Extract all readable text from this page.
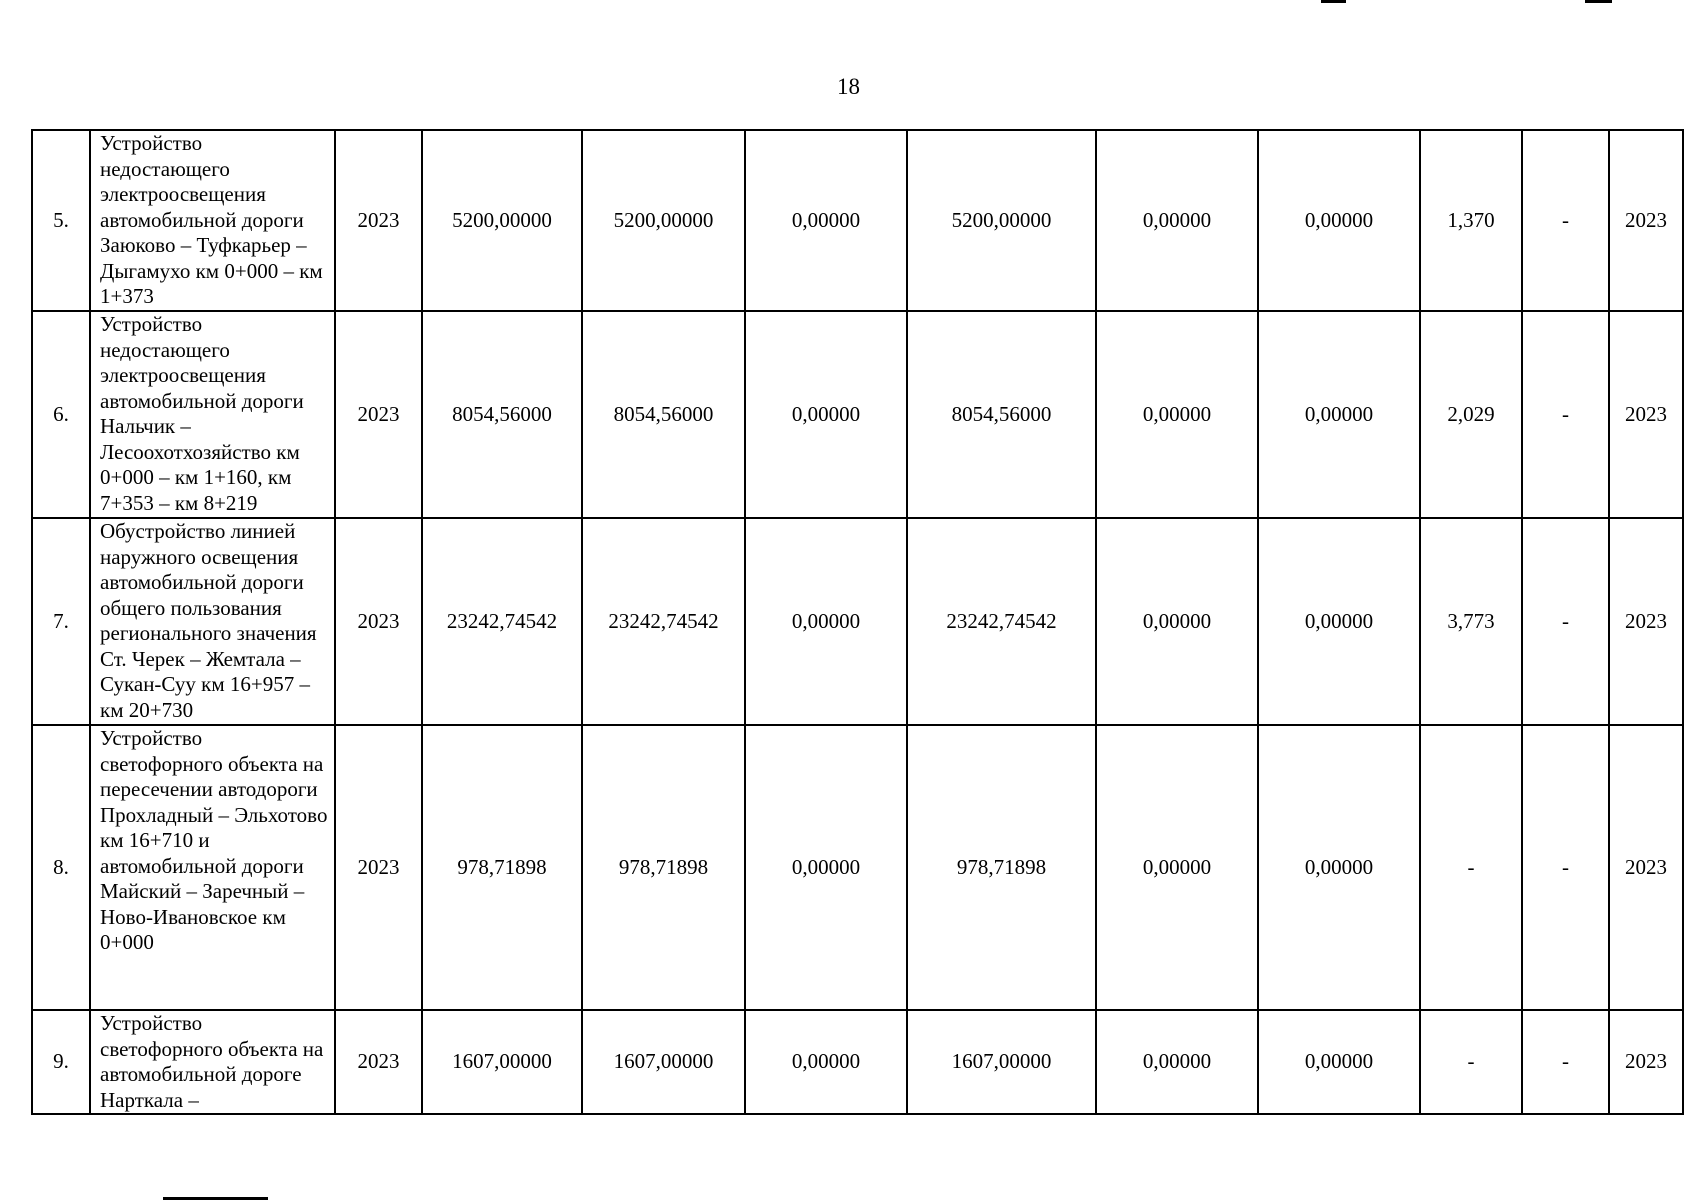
18
5.	Устройство недостающего электроосвещения автомобильной дороги Заюково – Туфкарьер – Дыгамухо км 0+000 – км 1+373	2023	5200,00000	5200,00000	0,00000	5200,00000	0,00000	0,00000	1,370	-	2023
6.	Устройство недостающего электроосвещения автомобильной дороги Нальчик – Лесоохотхозяйство км 0+000 – км 1+160, км 7+353 – км 8+219	2023	8054,56000	8054,56000	0,00000	8054,56000	0,00000	0,00000	2,029	-	2023
7.	Обустройство линией наружного освещения автомобильной дороги общего пользования регионального значения Ст. Черек – Жемтала – Сукан-Суу км 16+957 – км 20+730	2023	23242,74542	23242,74542	0,00000	23242,74542	0,00000	0,00000	3,773	-	2023
8.	Устройство светофорного объекта на пересечении автодороги Прохладный – Эльхотово км 16+710 и автомобильной дороги Майский – Заречный – Ново-Ивановское км 0+000	2023	978,71898	978,71898	0,00000	978,71898	0,00000	0,00000	-	-	2023
9.	Устройство светофорного объекта на автомобильной дороге Нарткала –	2023	1607,00000	1607,00000	0,00000	1607,00000	0,00000	0,00000	-	-	2023
